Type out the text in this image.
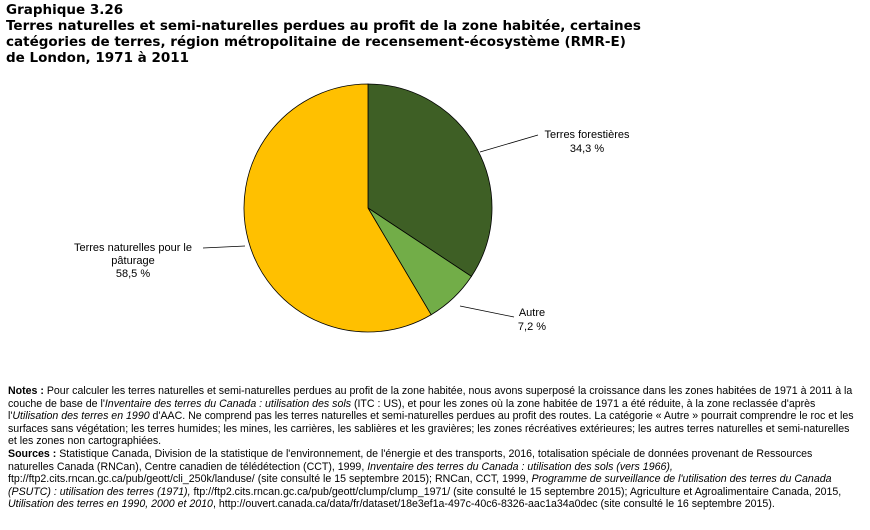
Graphique 3.26
Terres naturelles et semi-naturelles perdues au profit de la zone habitée, certaines catégories de terres, région métropolitaine de recensement-écosystème (RMR-E) de London, 1971 à 2011
Terres forestières
34,3 %
Autre
7,2 %
Terres naturelles pour le
pâturage
58,5 %

Notes : Pour calculer les terres naturelles et semi-naturelles perdues au profit de la zone habitée, nous avons superposé la croissance dans les zones habitées de 1971 à 2011 à la couche de base de l'Inventaire des terres du Canada : utilisation des sols (ITC : US), et pour les zones où la zone habitée de 1971 a été réduite, à la zone reclassée d'après l'Utilisation des terres en 1990 d'AAC. Ne comprend pas les terres naturelles et semi-naturelles perdues au profit des routes. La catégorie « Autre » pourrait comprendre le roc et les surfaces sans végétation; les terres humides; les mines, les carrières, les sablières et les gravières; les zones récréatives extérieures; les autres terres naturelles et semi-naturelles et les zones non cartographiées.

Sources : Statistique Canada, Division de la statistique de l'environnement, de l'énergie et des transports, 2016, totalisation spéciale de données provenant de Ressources naturelles Canada (RNCan), Centre canadien de télédétection (CCT), 1999, Inventaire des terres du Canada : utilisation des sols (vers 1966), ftp://ftp2.cits.rncan.gc.ca/pub/geott/cli_250k/landuse/ (site consulté le 15 septembre 2015); RNCan, CCT, 1999, Programme de surveillance de l'utilisation des terres du Canada (PSUTC) : utilisation des terres (1971), ftp://ftp2.cits.rncan.gc.ca/pub/geott/clump/clump_1971/ (site consulté le 15 septembre 2015); Agriculture et Agroalimentaire Canada, 2015, Utilisation des terres en 1990, 2000 et 2010, http://ouvert.canada.ca/data/fr/dataset/18e3ef1a-497c-40c6-8326-aac1a34a0dec (site consulté le 16 septembre 2015).
